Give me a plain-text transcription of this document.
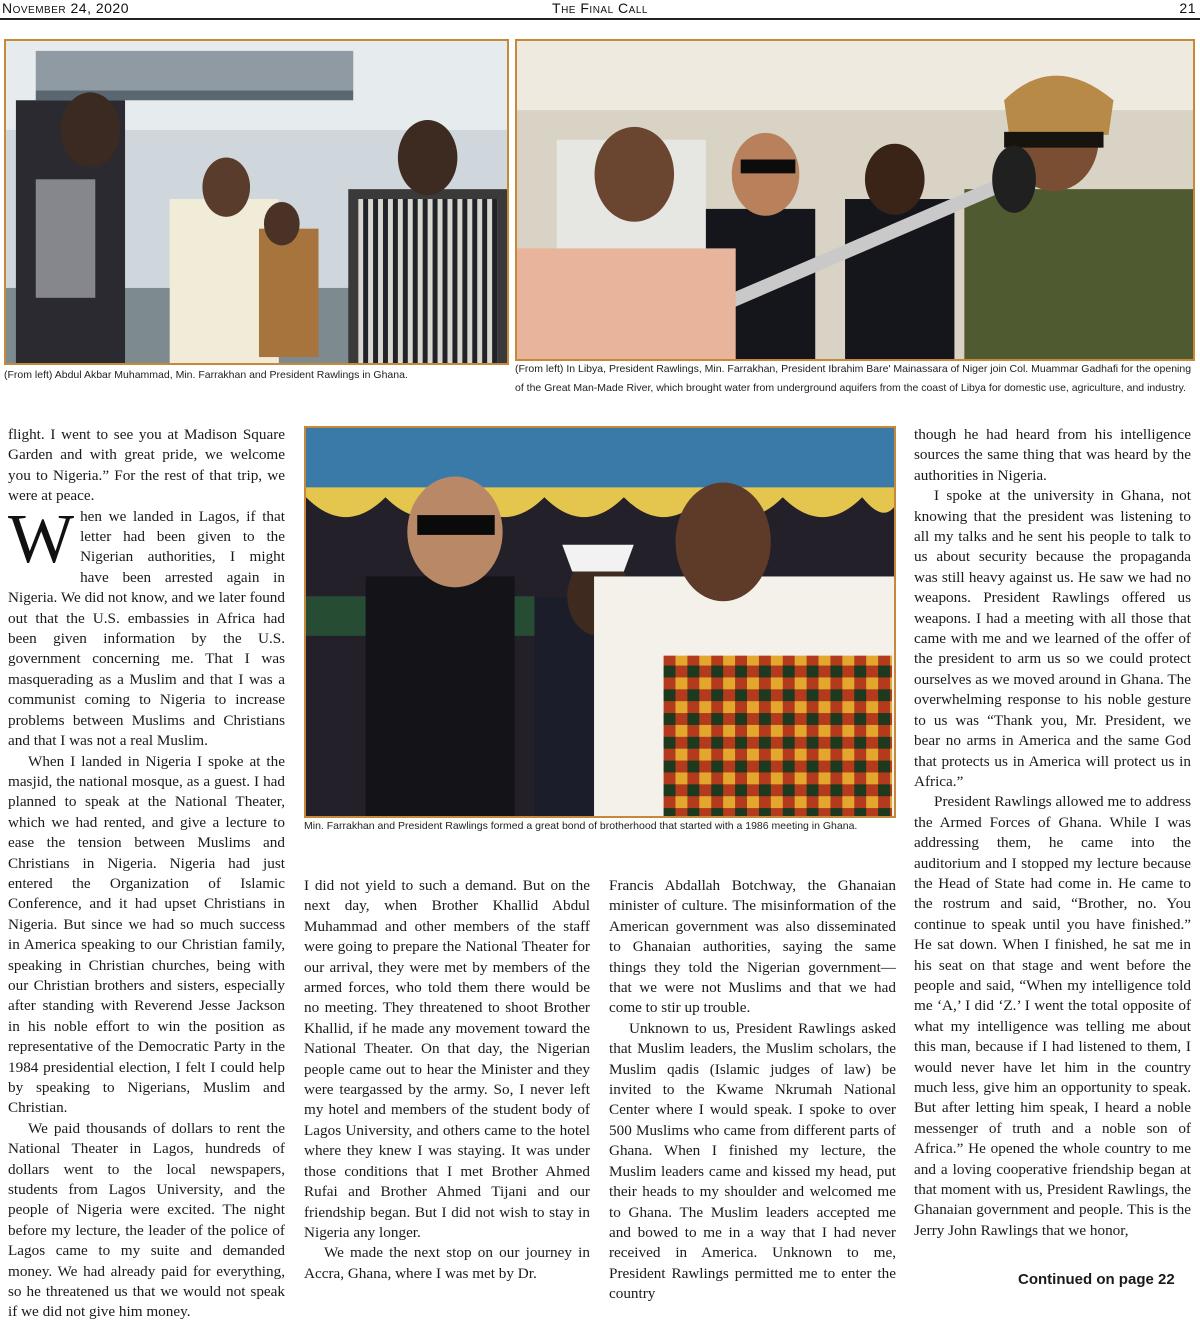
November 24, 2020	The Final Call	21
(From left) Abdul Akbar Muhammad, Min. Farrakhan and President Rawlings in Ghana.	(From left) In Libya, President Rawlings, Min. Farrakhan, President Ibrahim Bare' Mainassara of Niger join Col. Muammar Gadhafi for the opening of the Great Man-Made River, which brought water from underground aquifers from the coast of Libya for domestic use, agriculture, and industry.
Min. Farrakhan and President Rawlings formed a great bond of brotherhood that started with a 1986 meeting in Ghana.

flight. I went to see you at Madison Square Garden and with great pride, we welcome you to Nigeria.” For the rest of that trip, we were at peace.

When we landed in Lagos, if that letter had been given to the Nigerian authorities, I might have been arrested again in Nigeria. We did not know, and we later found out that the U.S. embassies in Africa had been given information by the U.S. government concerning me. That I was masquerading as a Muslim and that I was a communist coming to Nigeria to increase problems between Muslims and Christians and that I was not a real Muslim.

When I landed in Nigeria I spoke at the masjid, the national mosque, as a guest. I had planned to speak at the National Theater, which we had rented, and give a lecture to ease the tension between Muslims and Christians in Nigeria. Nigeria had just entered the Organization of Islamic Conference, and it had upset Christians in Nigeria. But since we had so much success in America speaking to our Christian family, speaking in Christian churches, being with our Christian brothers and sisters, especially after standing with Reverend Jesse Jackson in his noble effort to win the position as representative of the Democratic Party in the 1984 presidential election, I felt I could help by speaking to Nigerians, Muslim and Christian.

We paid thousands of dollars to rent the National Theater in Lagos, hundreds of dollars went to the local newspapers, students from Lagos University, and the people of Nigeria were excited. The night before my lecture, the leader of the police of Lagos came to my suite and demanded money. We had already paid for everything, so he threatened us that we would not speak if we did not give him money.

I did not yield to such a demand. But on the next day, when Brother Khallid Abdul Muhammad and other members of the staff were going to prepare the National Theater for our arrival, they were met by members of the armed forces, who told them there would be no meeting. They threatened to shoot Brother Khallid, if he made any movement toward the National Theater. On that day, the Nigerian people came out to hear the Minister and they were teargassed by the army. So, I never left my hotel and members of the student body of Lagos University, and others came to the hotel where they knew I was staying. It was under those conditions that I met Brother Ahmed Rufai and Brother Ahmed Tijani and our friendship began. But I did not wish to stay in Nigeria any longer.

We made the next stop on our journey in Accra, Ghana, where I was met by Dr.

Francis Abdallah Botchway, the Ghanaian minister of culture. The misinformation of the American government was also disseminated to Ghanaian authorities, saying the same things they told the Nigerian government—that we were not Muslims and that we had come to stir up trouble.

Unknown to us, President Rawlings asked that Muslim leaders, the Muslim scholars, the Muslim qadis (Islamic judges of law) be invited to the Kwame Nkrumah National Center where I would speak. I spoke to over 500 Muslims who came from different parts of Ghana. When I finished my lecture, the Muslim leaders came and kissed my head, put their heads to my shoulder and welcomed me to Ghana. The Muslim leaders accepted me and bowed to me in a way that I had never received in America. Unknown to me, President Rawlings permitted me to enter the country

though he had heard from his intelligence sources the same thing that was heard by the authorities in Nigeria.

I spoke at the university in Ghana, not knowing that the president was listening to all my talks and he sent his people to talk to us about security because the propaganda was still heavy against us. He saw we had no weapons. President Rawlings offered us weapons. I had a meeting with all those that came with me and we learned of the offer of the president to arm us so we could protect ourselves as we moved around in Ghana. The overwhelming response to his noble gesture to us was “Thank you, Mr. President, we bear no arms in America and the same God that protects us in America will protect us in Africa.”

President Rawlings allowed me to address the Armed Forces of Ghana. While I was addressing them, he came into the auditorium and I stopped my lecture because the Head of State had come in. He came to the rostrum and said, “Brother, no. You continue to speak until you have finished.” He sat down. When I finished, he sat me in his seat on that stage and went before the people and said, “When my intelligence told me ‘A,’ I did ‘Z.’ I went the total opposite of what my intelligence was telling me about this man, because if I had listened to them, I would never have let him in the country much less, give him an opportunity to speak. But after letting him speak, I heard a noble messenger of truth and a noble son of Africa.” He opened the whole country to me and a loving cooperative friendship began at that moment with us, President Rawlings, the Ghanaian government and people. This is the Jerry John Rawlings that we honor,

Continued on page 22
